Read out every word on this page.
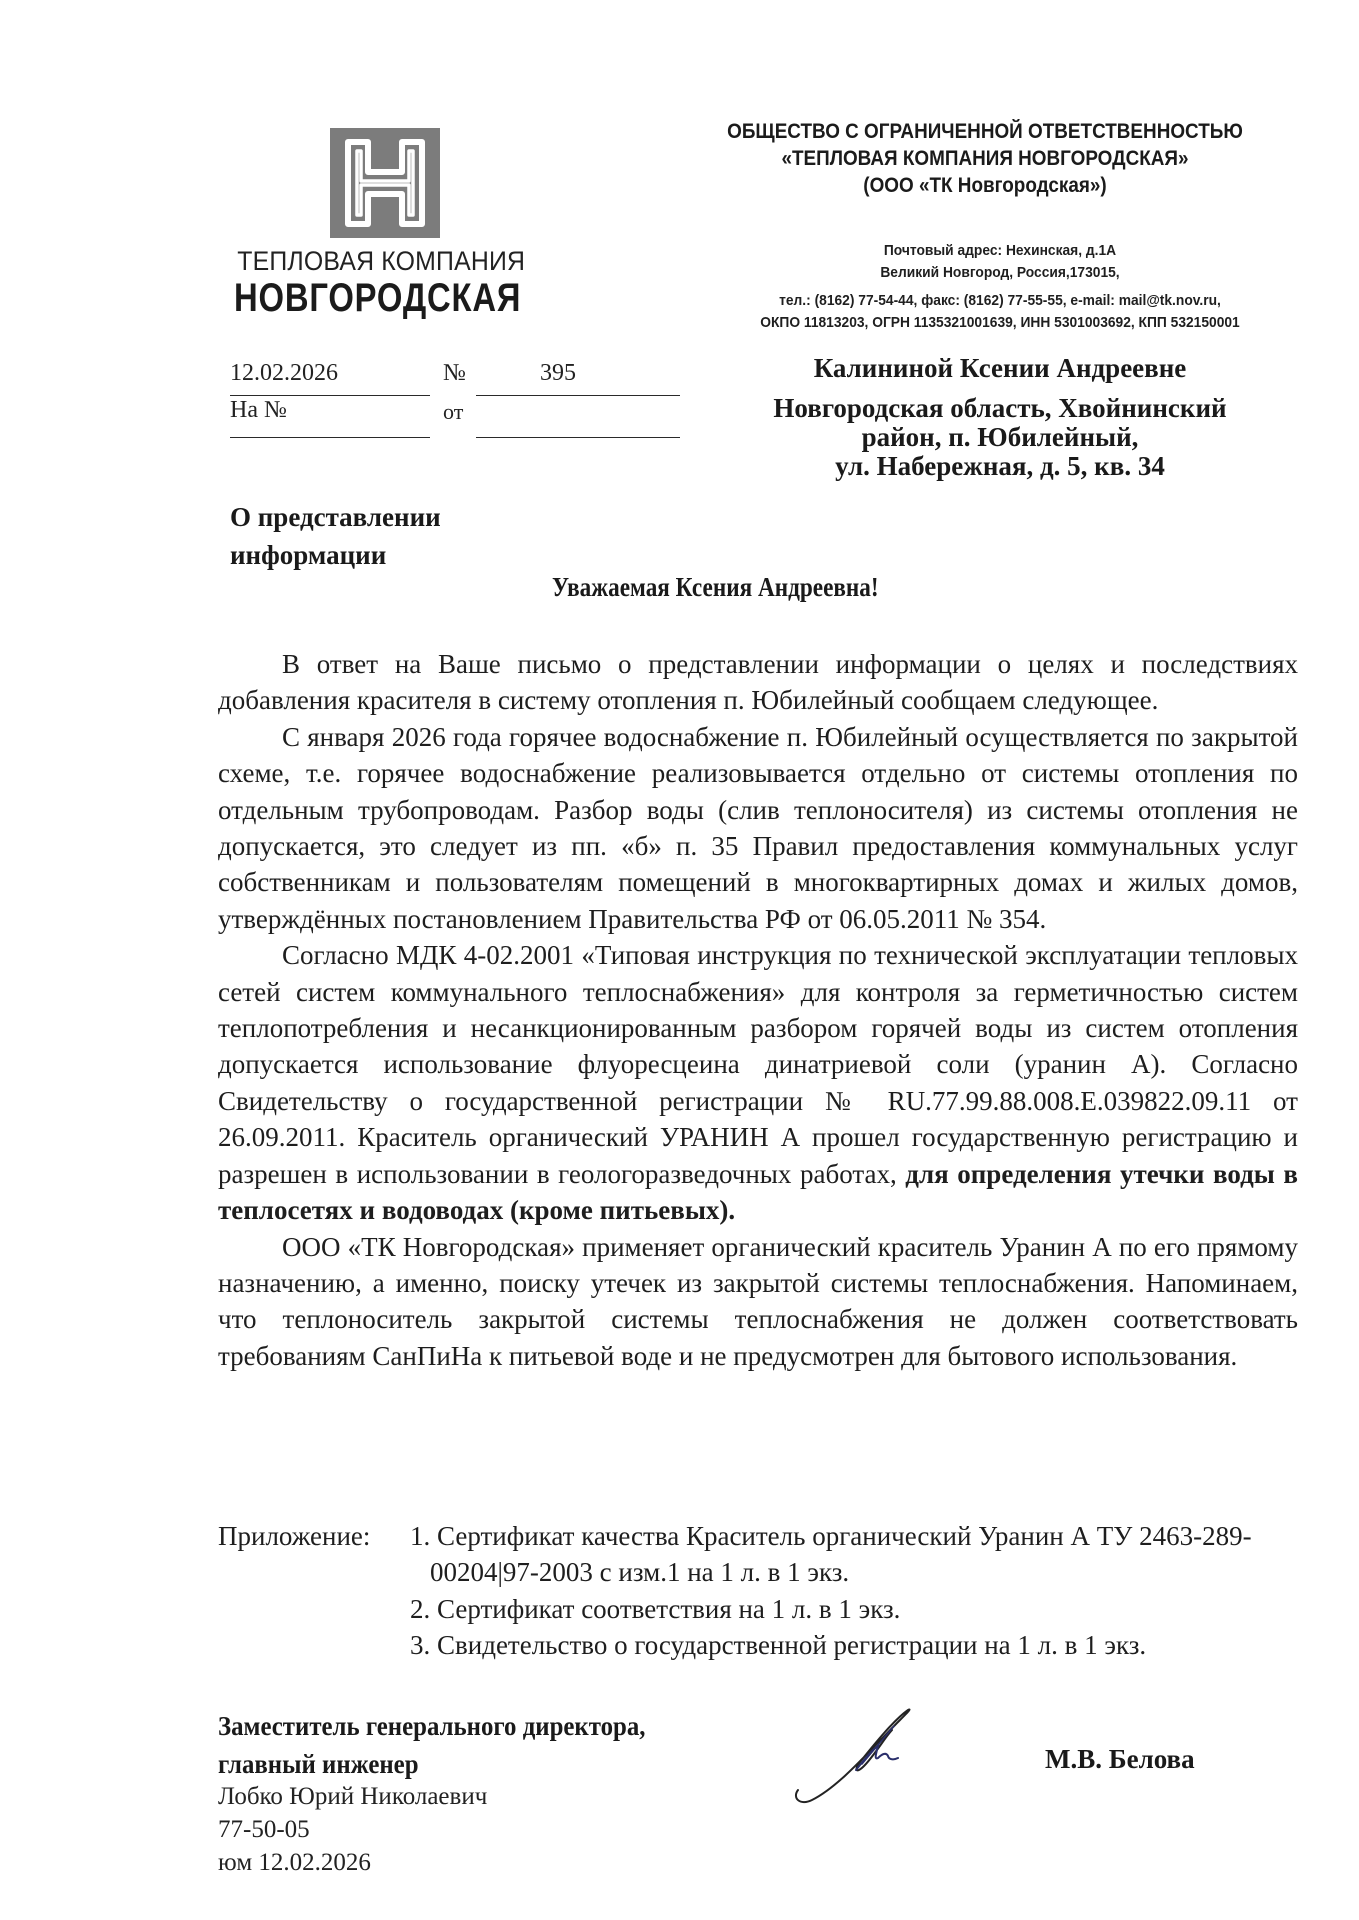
ТЕПЛОВАЯ КОМПАНИЯ
НОВГОРОДСКАЯ
ОБЩЕСТВО С ОГРАНИЧЕННОЙ ОТВЕТСТВЕННОСТЬЮ
«ТЕПЛОВАЯ КОМПАНИЯ НОВГОРОДСКАЯ»
(ООО «ТК Новгородская»)
Почтовый адрес: Нехинская, д.1А
Великий Новгород, Россия,173015,
тел.: (8162) 77-54-44, факс: (8162) 77-55-55, e-mail: mail@tk.nov.ru,
ОКПО 11813203, ОГРН 1135321001639, ИНН 5301003692, КПП 532150001
12.02.2026	№	395
На №	от
Калининой Ксении Андреевне
Новгородская область, Хвойнинский
район, п. Юбилейный,
ул. Набережная, д. 5, кв. 34
О представлении
информации
Уважаемая Ксения Андреевна!

В ответ на Ваше письмо о представлении информации о целях и последствиях добавления красителя в систему отопления п. Юбилейный сообщаем следующее.

С января 2026 года горячее водоснабжение п. Юбилейный осуществляется по закрытой схеме, т.е. горячее водоснабжение реализовывается отдельно от системы отопления по отдельным трубопроводам. Разбор воды (слив теплоносителя) из системы отопления не допускается, это следует из пп. «б» п. 35 Правил предоставления коммунальных услуг собственникам и пользователям помещений в многоквартирных домах и жилых домов, утверждённых постановлением Правительства РФ от 06.05.2011 № 354.

Согласно МДК 4-02.2001 «Типовая инструкция по технической эксплуатации тепловых сетей систем коммунального теплоснабжения» для контроля за герметичностью систем теплопотребления и несанкционированным разбором горячей воды из систем отопления допускается использование флуоресцеина динатриевой соли (уранин А). Согласно Свидетельству о государственной регистрации № RU.77.99.88.008.Е.039822.09.11 от 26.09.2011. Краситель органический УРАНИН А прошел государственную регистрацию и разрешен в использовании в геологоразведочных работах, для определения утечки воды в теплосетях и водоводах (кроме питьевых).

ООО «ТК Новгородская» применяет органический краситель Уранин А по его прямому назначению, а именно, поиску утечек из закрытой системы теплоснабжения. Напоминаем, что теплоноситель закрытой системы теплоснабжения не должен соответствовать требованиям СанПиНа к питьевой воде и не предусмотрен для бытового использования.

Приложение: 1. Сертификат качества Краситель органический Уранин А ТУ 2463-289-00204|97-2003 с изм.1 на 1 л. в 1 экз.
2. Сертификат соответствия на 1 л. в 1 экз.
3. Свидетельство о государственной регистрации на 1 л. в 1 экз.
Заместитель генерального директора,
главный инженер	М.В. Белова
Лобко Юрий Николаевич
77-50-05
юм 12.02.2026
